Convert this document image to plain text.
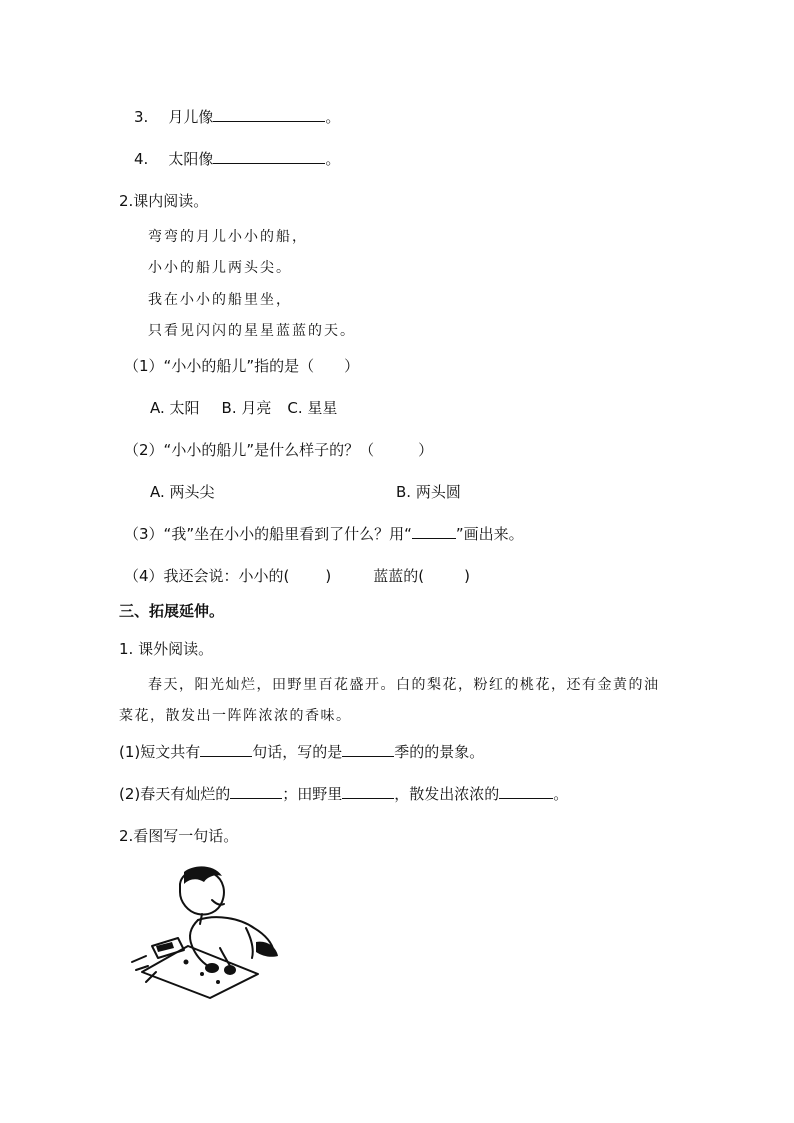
3. 月儿像	。
4. 太阳像	。
2.课内阅读。
弯弯的月儿小小的船，
小小的船儿两头尖。
我在小小的船里坐，
只看见闪闪的星星蓝蓝的天。
（1）“小小的船儿”指的是（ ）
A. 太阳 B. 月亮 C. 星星
（2）“小小的船儿”是什么样子的？（	）
A. 两头尖	B. 两头圆
（3）“我”坐在小小的船里看到了什么？用“	”画出来。
（4）我还会说：小小的( )	蓝蓝的(	)
三、拓展延伸。
1. 课外阅读。
春天，阳光灿烂，田野里百花盛开。白的梨花，粉红的桃花，还有金黄的油
菜花，散发出一阵阵浓浓的香味。
(1)短文共有	句话，写的是	季的的景象。
(2)春天有灿烂的	；田野里	，散发出浓浓的	。
2.看图写一句话。
